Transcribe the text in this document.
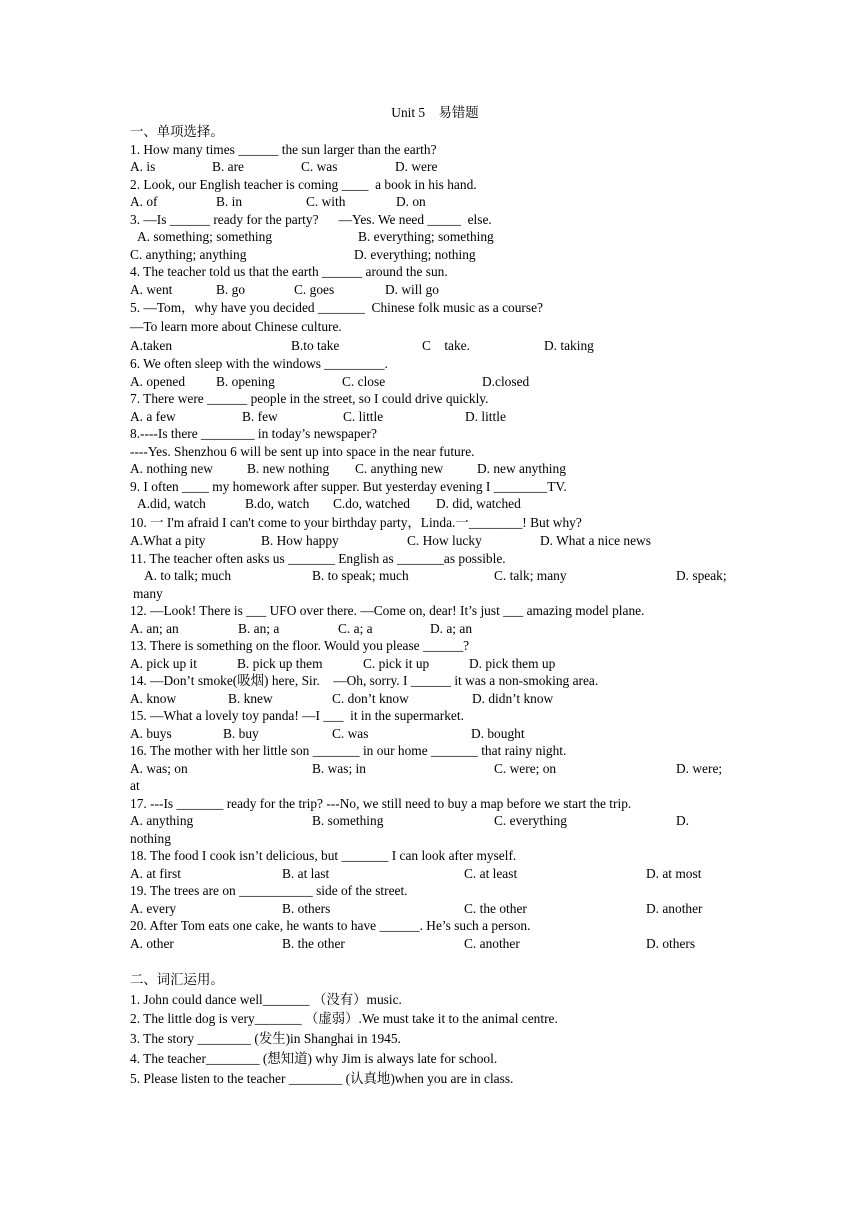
Unit 5　易错题
一、单项选择。
1. How many times ______ the sun larger than the earth?

A. is

	B. are

	C. was

	D. were

2. Look, our English teacher is coming ____  a book in his hand.

A. of

	B. in

	C. with

	D. on

3. —Is ______ ready for the party?      —Yes. We need _____  else.

A. something; something

	B. everything; something

C. anything; anything

	D. everything; nothing

4. The teacher told us that the earth ______ around the sun.

A. went

	B. go

	C. goes

	D. will go

5. —Tom，why have you decided _______  Chinese folk music as a course?
—To learn more about Chinese culture.

A.taken

	B.to take

	C    take.

	D. taking

6. We often sleep with the windows _________.

A. opened

B. opening

	C. close

	D.closed

7. There were ______ people in the street, so I could drive quickly.

A. a few

	B. few

	C. little

	D. little

8.----Is there ________ in today’s newspaper?
----Yes. Shenzhou 6 will be sent up into space in the near future.

A. nothing new

	B. new nothing

C. anything new

	D. new anything

9. I often ____ my homework after supper. But yesterday evening I ________TV.

A.did, watch

	B.do, watch

C.do, watched

D. did, watched

10. 一 I'm afraid I can't come to your birthday party，Linda.一________! But why?

A.What a pity

	B. How happy

	C. How lucky

	D. What a nice news

11. The teacher often asks us _______ English as _______as possible.

A. to talk; much

	B. to speak; much

	C. talk; many

	D. speak;

many
12. —Look! There is ___ UFO over there. —Come on, dear! It’s just ___ amazing model plane.

A. an; an

	B. an; a

	C. a; a

	D. a; an

13. There is something on the floor. Would you please ______?

A. pick up it

	B. pick up them

	C. pick it up

	D. pick them up

14. —Don’t smoke(吸烟) here, Sir.    —Oh, sorry. I ______ it was a non-smoking area.

A. know

	B. knew

	C. don’t know

	D. didn’t know

15. —What a lovely toy panda! —I ___  it in the supermarket.

A. buys

	B. buy

	C. was

	D. bought

16. The mother with her little son _______ in our home _______ that rainy night.

A. was; on

	B. was; in

	C. were; on

	D. were;

at
17. ---Is _______ ready for the trip? ---No, we still need to buy a map before we start the trip.

A. anything

	B. something

	C. everything

	D.

nothing
18. The food I cook isn’t delicious, but _______ I can look after myself.

A. at first

	B. at last

	C. at least

	D. at most

19. The trees are on ___________ side of the street.

A. every

	B. others

	C. the other

	D. another

20. After Tom eats one cake, he wants to have ______. He’s such a person.

A. other

	B. the other

	C. another

	D. others

二、词汇运用。
1. John could dance well_______ （没有）music.
2. The little dog is very_______ （虚弱）.We must take it to the animal centre.
3. The story ________ (发生)in Shanghai in 1945.
4. The teacher________ (想知道) why Jim is always late for school.
5. Please listen to the teacher ________ (认真地)when you are in class.
